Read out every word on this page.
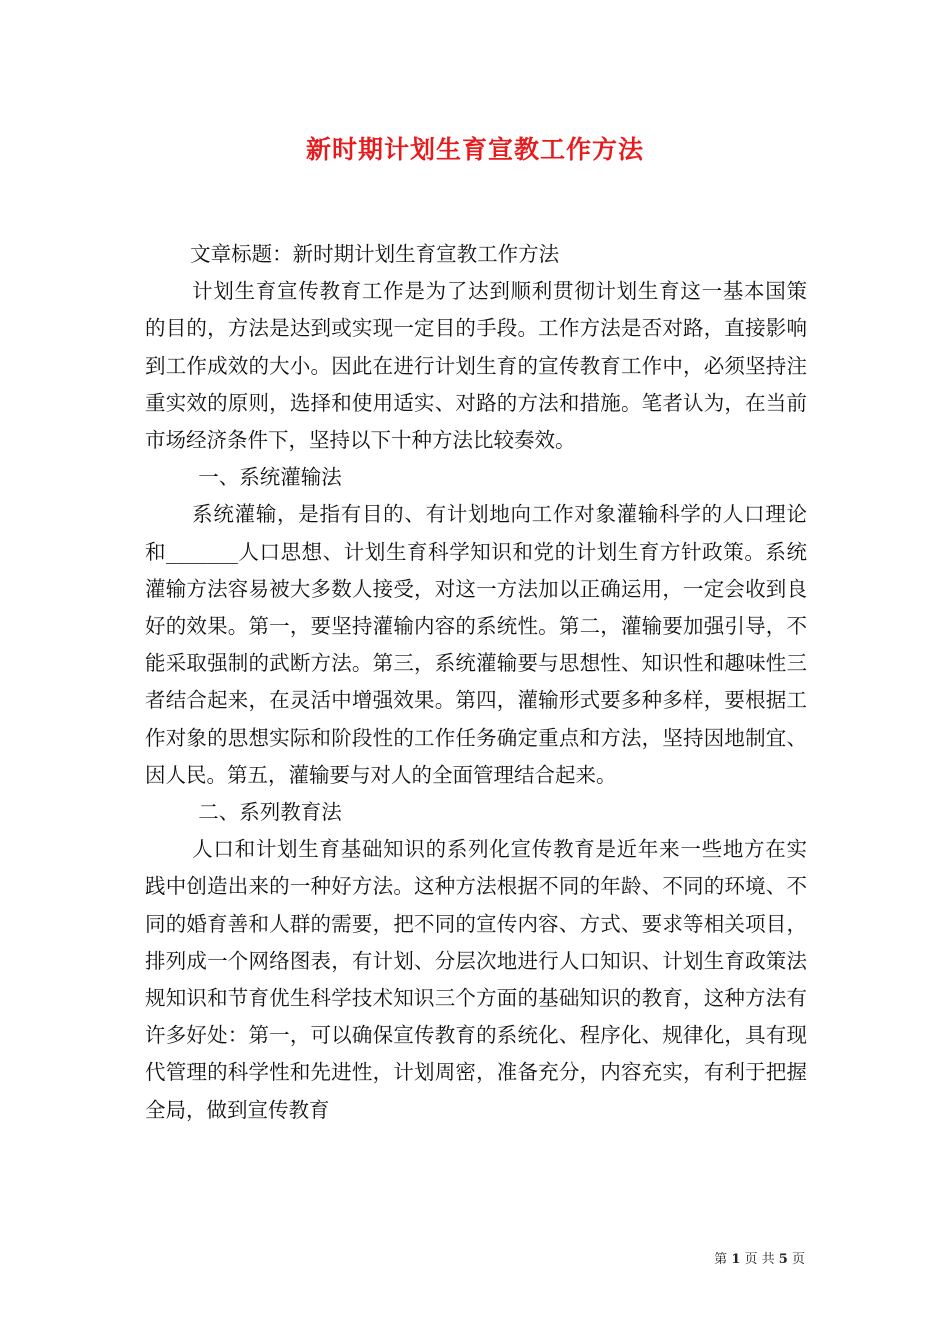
新时期计划生育宣教工作方法

文章标题：新时期计划生育宣教工作方法

计划生育宣传教育工作是为了达到顺利贯彻计划生育这一基本国策的目的，方法是达到或实现一定目的手段。工作方法是否对路，直接影响到工作成效的大小。因此在进行计划生育的宣传教育工作中，必须坚持注重实效的原则，选择和使用适实、对路的方法和措施。笔者认为，在当前市场经济条件下，坚持以下十种方法比较奏效。

一、系统灌输法

系统灌输，是指有目的、有计划地向工作对象灌输科学的人口理论和_______人口思想、计划生育科学知识和党的计划生育方针政策。系统灌输方法容易被大多数人接受，对这一方法加以正确运用，一定会收到良好的效果。第一，要坚持灌输内容的系统性。第二，灌输要加强引导，不能采取强制的武断方法。第三，系统灌输要与思想性、知识性和趣味性三者结合起来，在灵活中增强效果。第四，灌输形式要多种多样，要根据工作对象的思想实际和阶段性的工作任务确定重点和方法，坚持因地制宜、因人民。第五，灌输要与对人的全面管理结合起来。

二、系列教育法

人口和计划生育基础知识的系列化宣传教育是近年来一些地方在实践中创造出来的一种好方法。这种方法根据不同的年龄、不同的环境、不同的婚育善和人群的需要，把不同的宣传内容、方式、要求等相关项目，排列成一个网络图表，有计划、分层次地进行人口知识、计划生育政策法规知识和节育优生科学技术知识三个方面的基础知识的教育，这种方法有许多好处：第一，可以确保宣传教育的系统化、程序化、规律化，具有现代管理的科学性和先进性，计划周密，准备充分，内容充实，有利于把握全局，做到宣传教育

第 1 页 共 5 页
